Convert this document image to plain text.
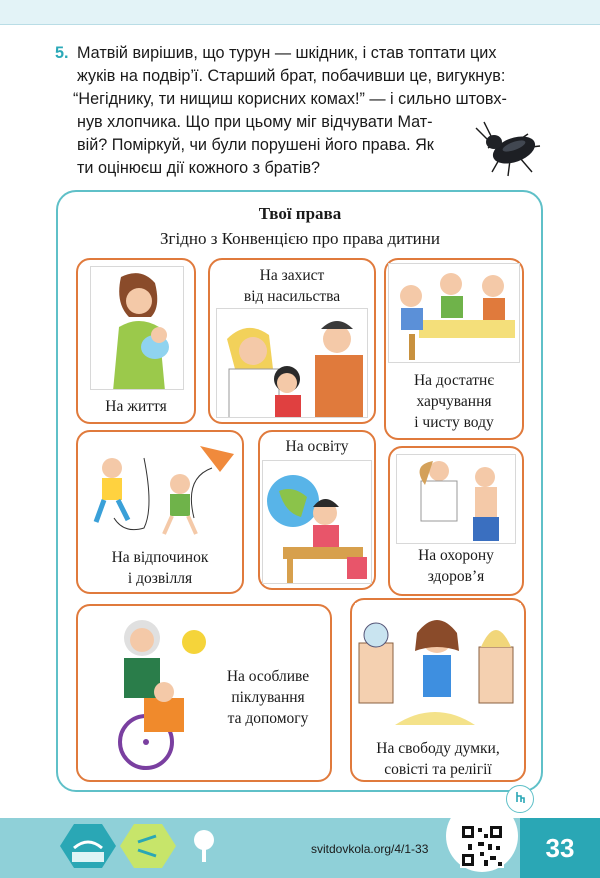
5. Матвій вирішив, що турун — шкідник, і став топтати цих
жуків на подвір’ї. Старший брат, побачивши це, вигукнув:
“Негіднику, ти нищиш корисних комах!” — і сильно штовх-
нув хлопчика. Що при цьому міг відчувати Мат-
вій? Поміркуй, чи були порушені його права. Як
ти оцінюєш дії кожного з братів?
Твої права
Згідно з Конвенцією про права дитини
На життя
На захист
від насильства
На достатнє
харчування
і чисту воду
На відпочинок
і дозвілля
На освіту
На охорону
здоров’я
На особливе
піклування
та допомогу
На свободу думки,
совісті та релігії
svitdovkola.org/4/1-33	33
